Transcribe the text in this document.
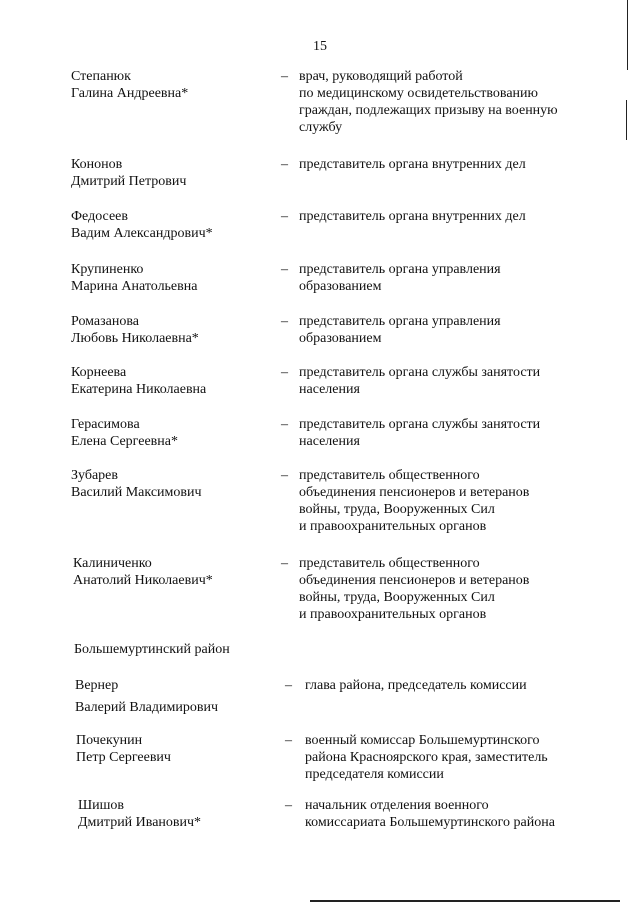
15
Степанюк
Галина Андреевна*
– врач, руководящий работой
по медицинскому освидетельствованию
граждан, подлежащих призыву на военную
службу
Кононов
Дмитрий Петрович
– представитель органа внутренних дел
Федосеев
Вадим Александрович*
– представитель органа внутренних дел
Крупиненко
Марина Анатольевна
– представитель органа управления
образованием
Ромазанова
Любовь Николаевна*
– представитель органа управления
образованием
Корнеева
Екатерина Николаевна
– представитель органа службы занятости
населения
Герасимова
Елена Сергеевна*
– представитель органа службы занятости
населения
Зубарев
Василий Максимович
– представитель общественного
объединения пенсионеров и ветеранов
войны, труда, Вооруженных Сил
и правоохранительных органов
Калиниченко
Анатолий Николаевич*
– представитель общественного
объединения пенсионеров и ветеранов
войны, труда, Вооруженных Сил
и правоохранительных органов
Большемуртинский район
Вернер
Валерий Владимирович
– глава района, председатель комиссии
Почекунин
Петр Сергеевич
– военный комиссар Большемуртинского
района Красноярского края, заместитель
председателя комиссии
Шишов
Дмитрий Иванович*
– начальник отделения военного
комиссариата Большемуртинского района
